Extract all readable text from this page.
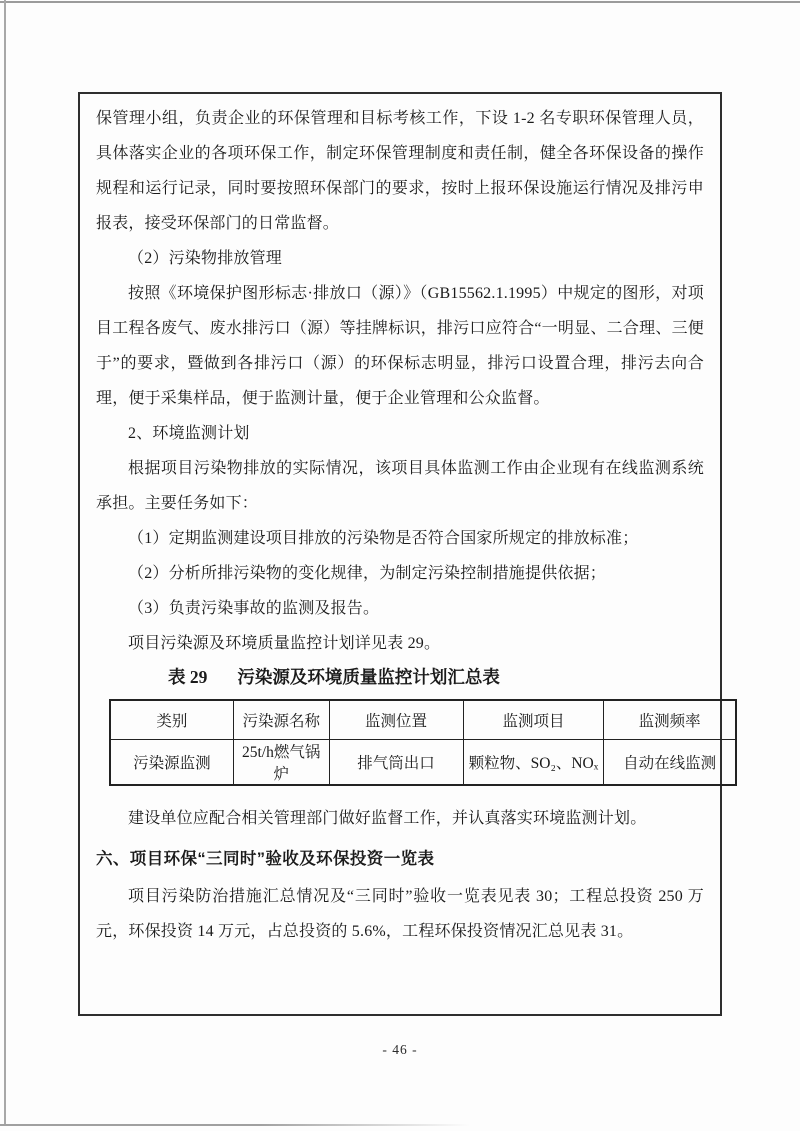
保管理小组，负责企业的环保管理和目标考核工作，下设 1-2 名专职环保管理人员，具体落实企业的各项环保工作，制定环保管理制度和责任制，健全各环保设备的操作规程和运行记录，同时要按照环保部门的要求，按时上报环保设施运行情况及排污申报表，接受环保部门的日常监督。

（2）污染物排放管理

按照《环境保护图形标志·排放口（源）》（GB15562.1.1995）中规定的图形，对项目工程各废气、废水排污口（源）等挂牌标识，排污口应符合“一明显、二合理、三便于”的要求，暨做到各排污口（源）的环保标志明显，排污口设置合理，排污去向合理，便于采集样品，便于监测计量，便于企业管理和公众监督。

2、环境监测计划

根据项目污染物排放的实际情况，该项目具体监测工作由企业现有在线监测系统承担。主要任务如下：

（1）定期监测建设项目排放的污染物是否符合国家所规定的排放标准；

（2）分析所排污染物的变化规律，为制定污染控制措施提供依据；

（3）负责污染事故的监测及报告。

项目污染源及环境质量监控计划详见表 29。

表 29 污染源及环境质量监控计划汇总表
类别	污染源名称	监测位置	监测项目	监测频率
污染源监测	25t/h燃气锅炉	排气筒出口	颗粒物、SO₂、NOₓ	自动在线监测

建设单位应配合相关管理部门做好监督工作，并认真落实环境监测计划。

六、项目环保“三同时”验收及环保投资一览表

项目污染防治措施汇总情况及“三同时”验收一览表见表 30；工程总投资 250 万元，环保投资 14 万元，占总投资的 5.6%，工程环保投资情况汇总见表 31。

- 46 -
